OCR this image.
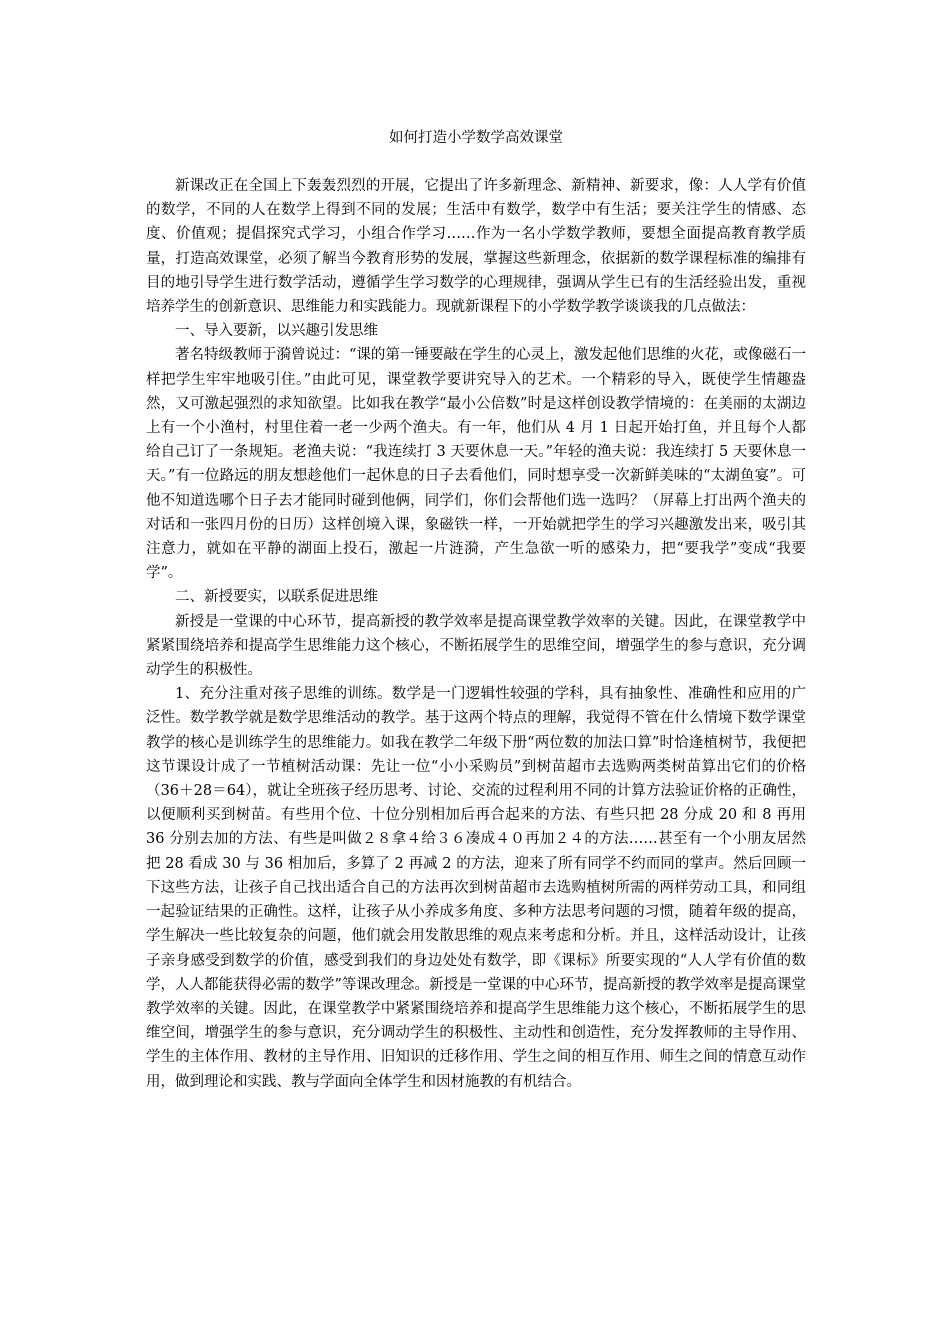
如何打造小学数学高效课堂

新课改正在全国上下轰轰烈烈的开展，它提出了许多新理念、新精神、新要求，像：人人学有价值的数学，不同的人在数学上得到不同的发展；生活中有数学，数学中有生活；要关注学生的情感、态度、价值观；提倡探究式学习，小组合作学习……作为一名小学数学教师，要想全面提高教育教学质量，打造高效课堂，必须了解当今教育形势的发展，掌握这些新理念，依据新的数学课程标准的编排有目的地引导学生进行数学活动，遵循学生学习数学的心理规律，强调从学生已有的生活经验出发，重视培养学生的创新意识、思维能力和实践能力。现就新课程下的小学数学教学谈谈我的几点做法：

一、导入要新，以兴趣引发思维

著名特级教师于漪曾说过：“课的第一锤要敲在学生的心灵上，激发起他们思维的火花，或像磁石一样把学生牢牢地吸引住。”由此可见，课堂教学要讲究导入的艺术。一个精彩的导入，既使学生情趣盎然，又可激起强烈的求知欲望。比如我在教学“最小公倍数”时是这样创设教学情境的：在美丽的太湖边上有一个小渔村，村里住着一老一少两个渔夫。有一年，他们从 4 月 1 日起开始打鱼，并且每个人都给自己订了一条规矩。老渔夫说：“我连续打 3 天要休息一天。”年轻的渔夫说：我连续打 5 天要休息一天。”有一位路远的朋友想趁他们一起休息的日子去看他们，同时想享受一次新鲜美味的“太湖鱼宴”。可他不知道选哪个日子去才能同时碰到他俩，同学们，你们会帮他们选一选吗？（屏幕上打出两个渔夫的对话和一张四月份的日历）这样创境入课，象磁铁一样，一开始就把学生的学习兴趣激发出来，吸引其注意力，就如在平静的湖面上投石，激起一片涟漪，产生急欲一听的感染力，把“要我学”变成“我要学”。

二、新授要实，以联系促进思维

新授是一堂课的中心环节，提高新授的教学效率是提高课堂教学效率的关键。因此，在课堂教学中紧紧围绕培养和提高学生思维能力这个核心，不断拓展学生的思维空间，增强学生的参与意识，充分调动学生的积极性。

1、充分注重对孩子思维的训练。数学是一门逻辑性较强的学科，具有抽象性、准确性和应用的广泛性。数学教学就是数学思维活动的教学。基于这两个特点的理解，我觉得不管在什么情境下数学课堂教学的核心是训练学生的思维能力。如我在教学二年级下册“两位数的加法口算”时恰逢植树节，我便把这节课设计成了一节植树活动课：先让一位“小小采购员”到树苗超市去选购两类树苗算出它们的价格（36＋28＝64），就让全班孩子经历思考、讨论、交流的过程利用不同的计算方法验证价格的正确性，以便顺利买到树苗。有些用个位、十位分别相加后再合起来的方法、有些只把 28 分成 20 和 8 再用 36 分别去加的方法、有些是叫做２８拿４给３６凑成４０再加２４的方法……甚至有一个小朋友居然把 28 看成 30 与 36 相加后，多算了 2 再减 2 的方法，迎来了所有同学不约而同的掌声。然后回顾一下这些方法，让孩子自己找出适合自己的方法再次到树苗超市去选购植树所需的两样劳动工具，和同组一起验证结果的正确性。这样，让孩子从小养成多角度、多种方法思考问题的习惯，随着年级的提高，学生解决一些比较复杂的问题，他们就会用发散思维的观点来考虑和分析。并且，这样活动设计，让孩子亲身感受到数学的价值，感受到我们的身边处处有数学，即《课标》所要实现的“人人学有价值的数学，人人都能获得必需的数学”等课改理念。新授是一堂课的中心环节，提高新授的教学效率是提高课堂教学效率的关键。因此，在课堂教学中紧紧围绕培养和提高学生思维能力这个核心，不断拓展学生的思维空间，增强学生的参与意识，充分调动学生的积极性、主动性和创造性，充分发挥教师的主导作用、学生的主体作用、教材的主导作用、旧知识的迁移作用、学生之间的相互作用、师生之间的情意互动作用，做到理论和实践、教与学面向全体学生和因材施教的有机结合。
